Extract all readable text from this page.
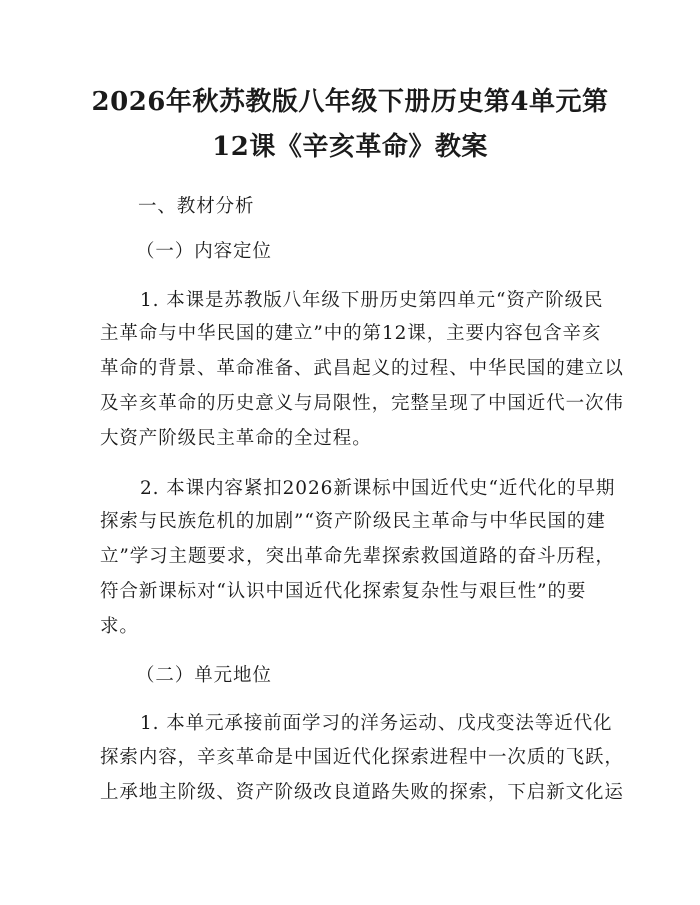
2026年秋苏教版八年级下册历史第4单元第
12课《辛亥革命》教案
一、教材分析
（一）内容定位
1. 本课是苏教版八年级下册历史第四单元“资产阶级民
主革命与中华民国的建立”中的第12课，主要内容包含辛亥
革命的背景、革命准备、武昌起义的过程、中华民国的建立以
及辛亥革命的历史意义与局限性，完整呈现了中国近代一次伟
大资产阶级民主革命的全过程。
2. 本课内容紧扣2026新课标中国近代史“近代化的早期
探索与民族危机的加剧”“资产阶级民主革命与中华民国的建
立”学习主题要求，突出革命先辈探索救国道路的奋斗历程，
符合新课标对“认识中国近代化探索复杂性与艰巨性”的要
求。
（二）单元地位
1. 本单元承接前面学习的洋务运动、戊戌变法等近代化
探索内容，辛亥革命是中国近代化探索进程中一次质的飞跃，
上承地主阶级、资产阶级改良道路失败的探索，下启新文化运
